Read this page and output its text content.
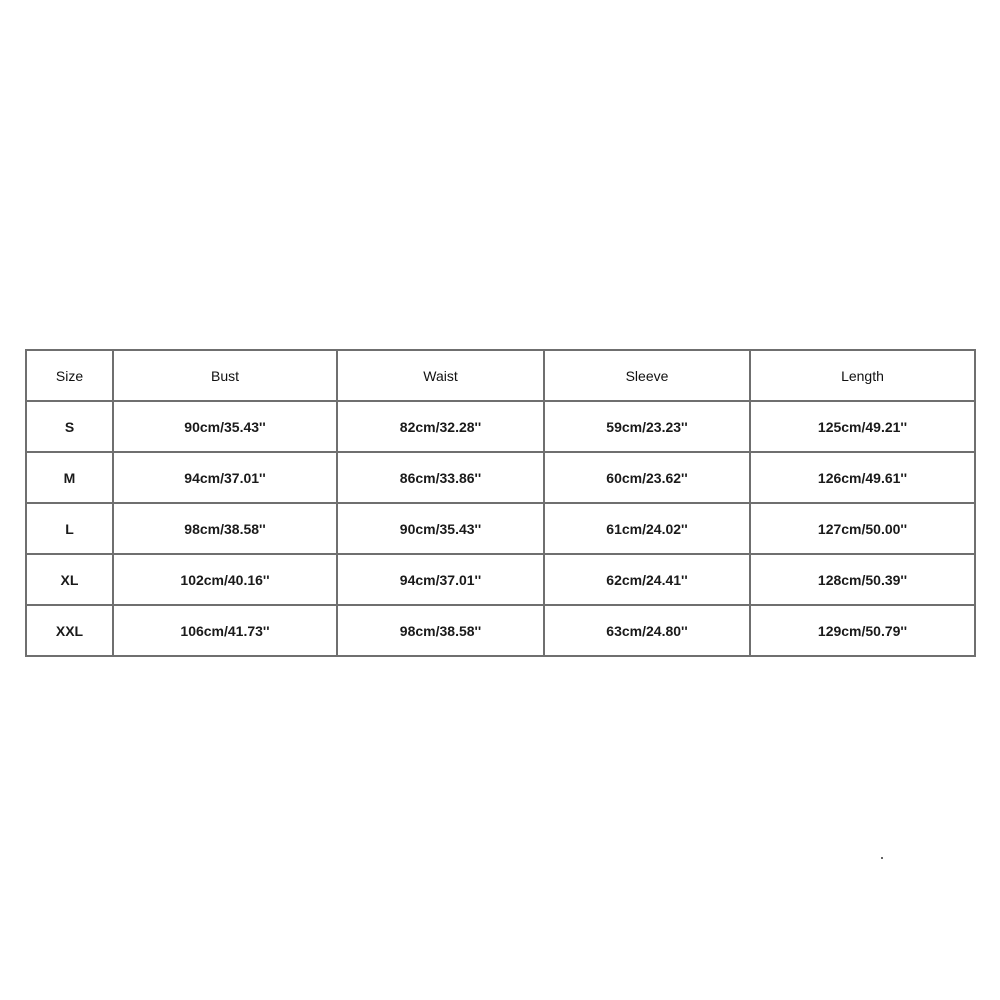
Size	Bust	Waist	Sleeve	Length
S	90cm/35.43''	82cm/32.28''	59cm/23.23''	125cm/49.21''
M	94cm/37.01''	86cm/33.86''	60cm/23.62''	126cm/49.61''
L	98cm/38.58''	90cm/35.43''	61cm/24.02''	127cm/50.00''
XL	102cm/40.16''	94cm/37.01''	62cm/24.41''	128cm/50.39''
XXL	106cm/41.73''	98cm/38.58''	63cm/24.80''	129cm/50.79''
